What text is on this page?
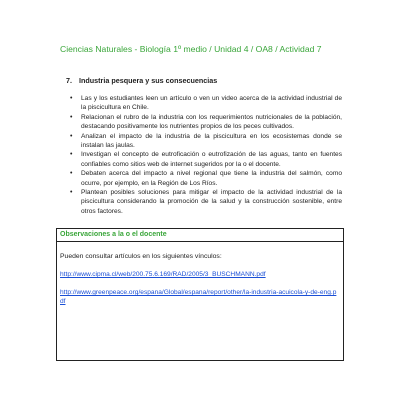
Ciencias Naturales - Biología 1º medio / Unidad 4 / OA8 / Actividad 7
7. Industria pesquera y sus consecuencias
• Las y los estudiantes leen un artículo o ven un video acerca de la actividad industrial de la piscicultura en Chile.
• Relacionan el rubro de la industria con los requerimientos nutricionales de la población, destacando positivamente los nutrientes propios de los peces cultivados.
• Analizan el impacto de la industria de la piscicultura en los ecosistemas donde se instalan las jaulas.
• Investigan el concepto de eutroficación o eutrofización de las aguas, tanto en fuentes confiables como sitios web de internet sugeridos por la o el docente.
• Debaten acerca del impacto a nivel regional que tiene la industria del salmón, como ocurre, por ejemplo, en la Región de Los Ríos.
• Plantean posibles soluciones para mitigar el impacto de la actividad industrial de la piscicultura considerando la promoción de la salud y la construcción sostenible, entre otros factores.
Observaciones a la o el docente
Pueden consultar artículos en los siguientes vínculos:
http://www.cipma.cl/web/200.75.6.169/RAD/2005/3_BUSCHMANN.pdf
http://www.greenpeace.org/espana/Global/espana/report/other/la-industria-acuicola-y-de-eng.pdf
